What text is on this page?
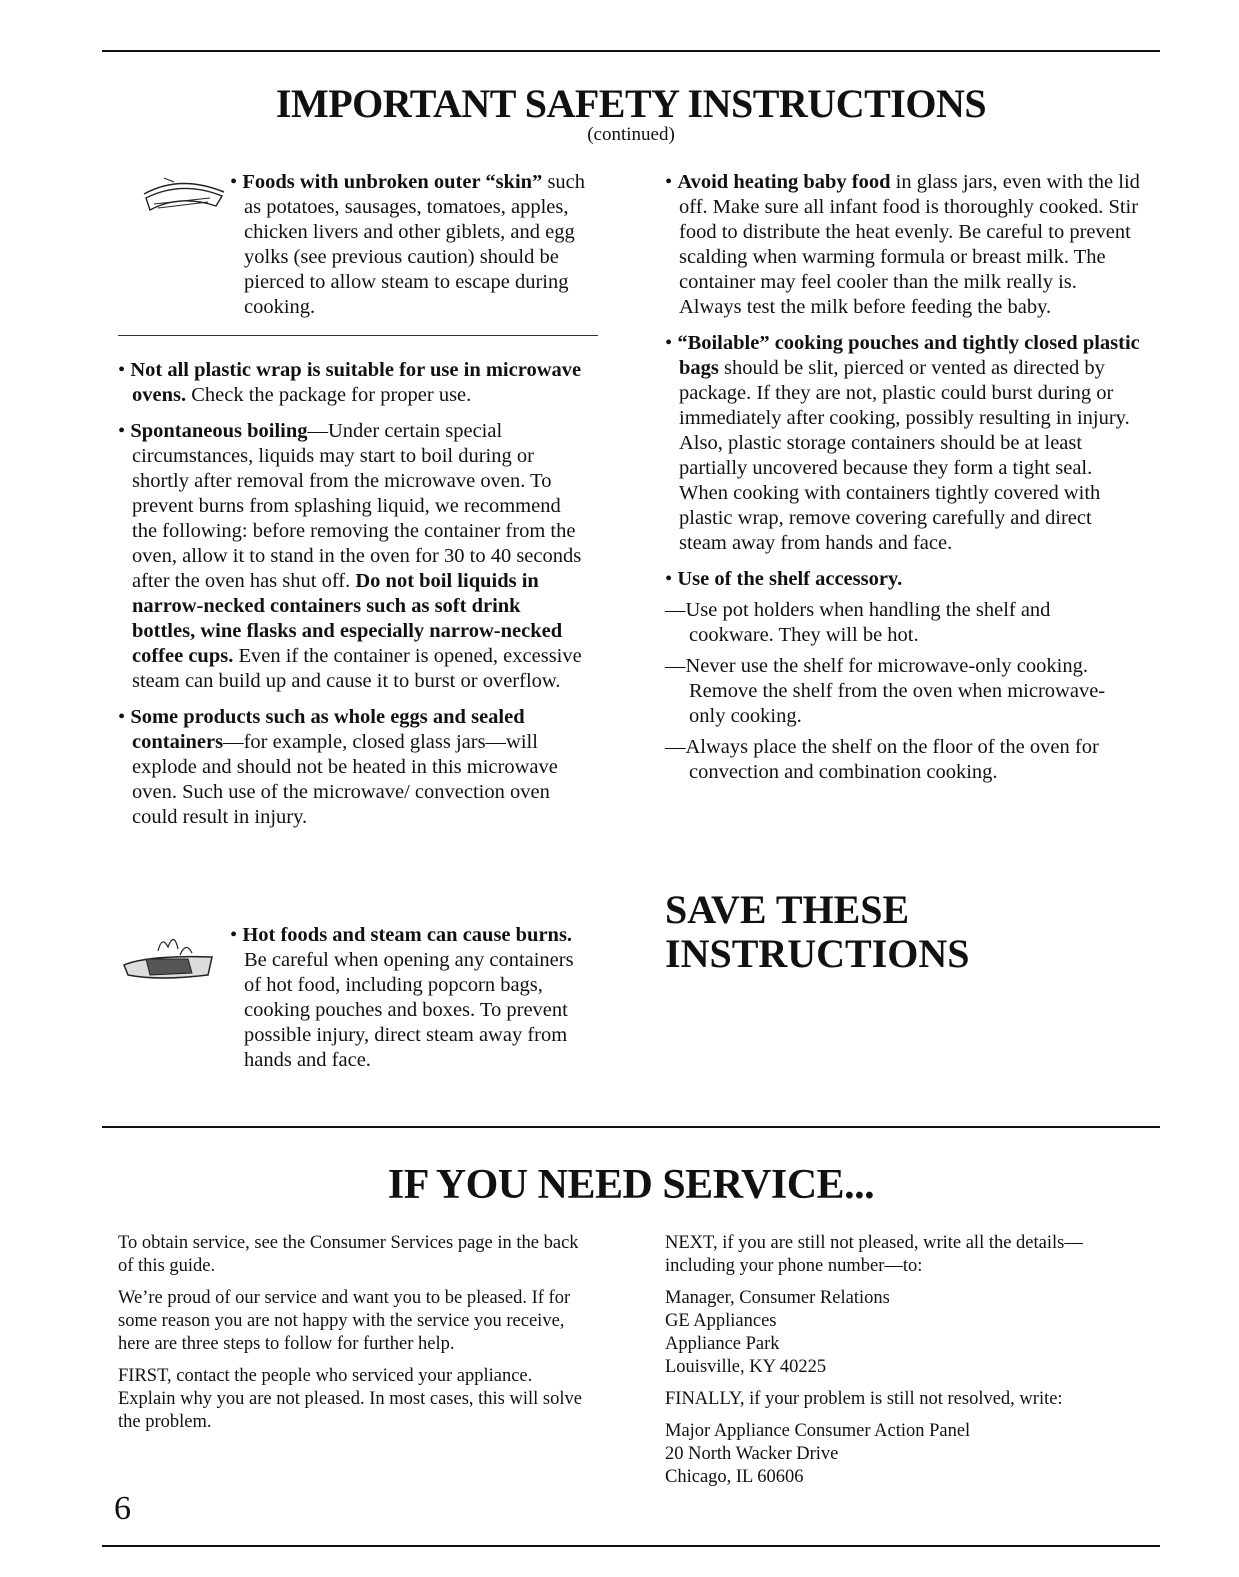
IMPORTANT SAFETY INSTRUCTIONS
(continued)

• Foods with unbroken outer “skin” such as potatoes, sausages, tomatoes, apples, chicken livers and other giblets, and egg yolks (see previous caution) should be pierced to allow steam to escape during cooking.

• Not all plastic wrap is suitable for use in microwave ovens. Check the package for proper use.

• Spontaneous boiling—Under certain special circumstances, liquids may start to boil during or shortly after removal from the microwave oven. To prevent burns from splashing liquid, we recommend the following: before removing the container from the oven, allow it to stand in the oven for 30 to 40 seconds after the oven has shut off. Do not boil liquids in narrow-necked containers such as soft drink bottles, wine flasks and especially narrow-necked coffee cups. Even if the container is opened, excessive steam can build up and cause it to burst or overflow.

• Some products such as whole eggs and sealed containers—for example, closed glass jars—will explode and should not be heated in this microwave oven. Such use of the microwave/ convection oven could result in injury.

• Hot foods and steam can cause burns. Be careful when opening any containers of hot food, including popcorn bags, cooking pouches and boxes. To prevent possible injury, direct steam away from hands and face.

• Avoid heating baby food in glass jars, even with the lid off. Make sure all infant food is thoroughly cooked. Stir food to distribute the heat evenly. Be careful to prevent scalding when warming formula or breast milk. The container may feel cooler than the milk really is. Always test the milk before feeding the baby.

• “Boilable” cooking pouches and tightly closed plastic bags should be slit, pierced or vented as directed by package. If they are not, plastic could burst during or immediately after cooking, possibly resulting in injury. Also, plastic storage containers should be at least partially uncovered because they form a tight seal. When cooking with containers tightly covered with plastic wrap, remove covering carefully and direct steam away from hands and face.

• Use of the shelf accessory.

—Use pot holders when handling the shelf and cookware. They will be hot.

—Never use the shelf for microwave-only cooking. Remove the shelf from the oven when microwave-only cooking.

—Always place the shelf on the floor of the oven for convection and combination cooking.

SAVE THESE
INSTRUCTIONS
IF YOU NEED SERVICE...

To obtain service, see the Consumer Services page in the back of this guide.

We’re proud of our service and want you to be pleased. If for some reason you are not happy with the service you receive, here are three steps to follow for further help.

FIRST, contact the people who serviced your appliance. Explain why you are not pleased. In most cases, this will solve the problem.

NEXT, if you are still not pleased, write all the details—including your phone number—to:

Manager, Consumer Relations
GE Appliances
Appliance Park
Louisville, KY 40225

FINALLY, if your problem is still not resolved, write:

Major Appliance Consumer Action Panel
20 North Wacker Drive
Chicago, IL 60606
6
